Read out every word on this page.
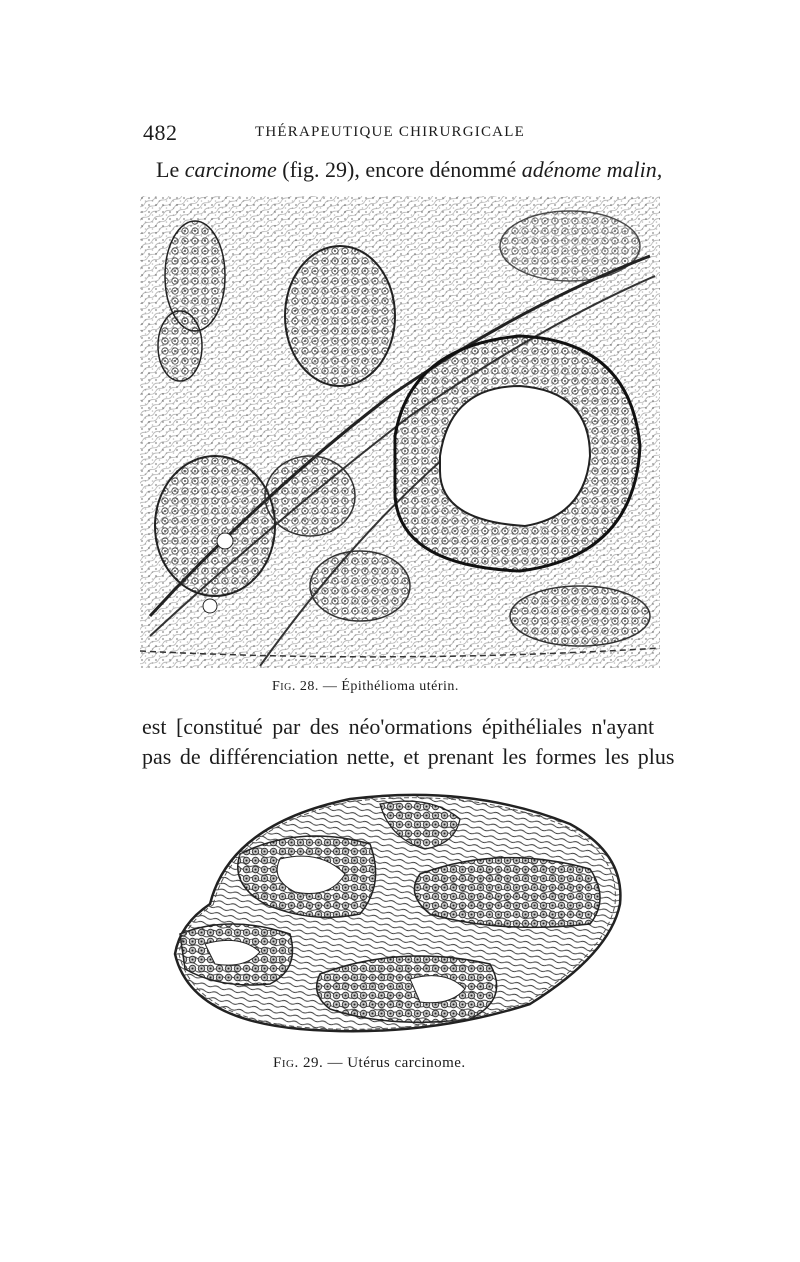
482	THÉRAPEUTIQUE CHIRURGICALE
Le carcinome (fig. 29), encore dénommé adénome malin,
Fig. 28. — Épithélioma utérin.
est [constitué par des néo'ormations épithéliales n'ayant
pas de différenciation nette, et prenant les formes les plus
Fig. 29. — Utérus carcinome.
